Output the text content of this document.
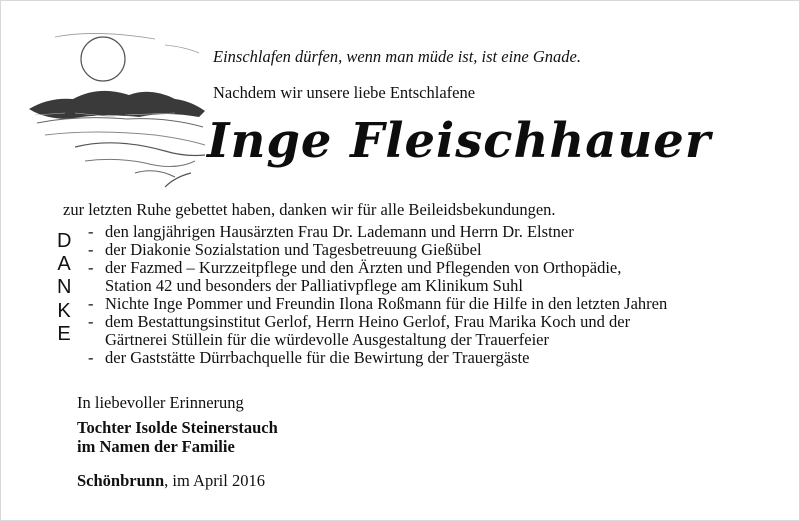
Einschlafen dürfen, wenn man müde ist, ist eine Gnade.
Nachdem wir unsere liebe Entschlafene
Inge Fleischhauer
zur letzten Ruhe gebettet haben, danken wir für alle Beileidsbekundungen.
D
A
N
K
E
- den langjährigen Hausärzten Frau Dr. Lademann und Herrn Dr. Elstner
- der Diakonie Sozialstation und Tagesbetreuung Gießübel
- der Fazmed – Kurzzeitpflege und den Ärzten und Pflegenden von Orthopädie,
Station 42 und besonders der Palliativpflege am Klinikum Suhl
- Nichte Inge Pommer und Freundin Ilona Roßmann für die Hilfe in den letzten Jahren
- dem Bestattungsinstitut Gerlof, Herrn Heino Gerlof, Frau Marika Koch und der
Gärtnerei Stüllein für die würdevolle Ausgestaltung der Trauerfeier
- der Gaststätte Dürrbachquelle für die Bewirtung der Trauergäste
In liebevoller Erinnerung
Tochter Isolde Steinerstauch
im Namen der Familie
Schönbrunn, im April 2016
